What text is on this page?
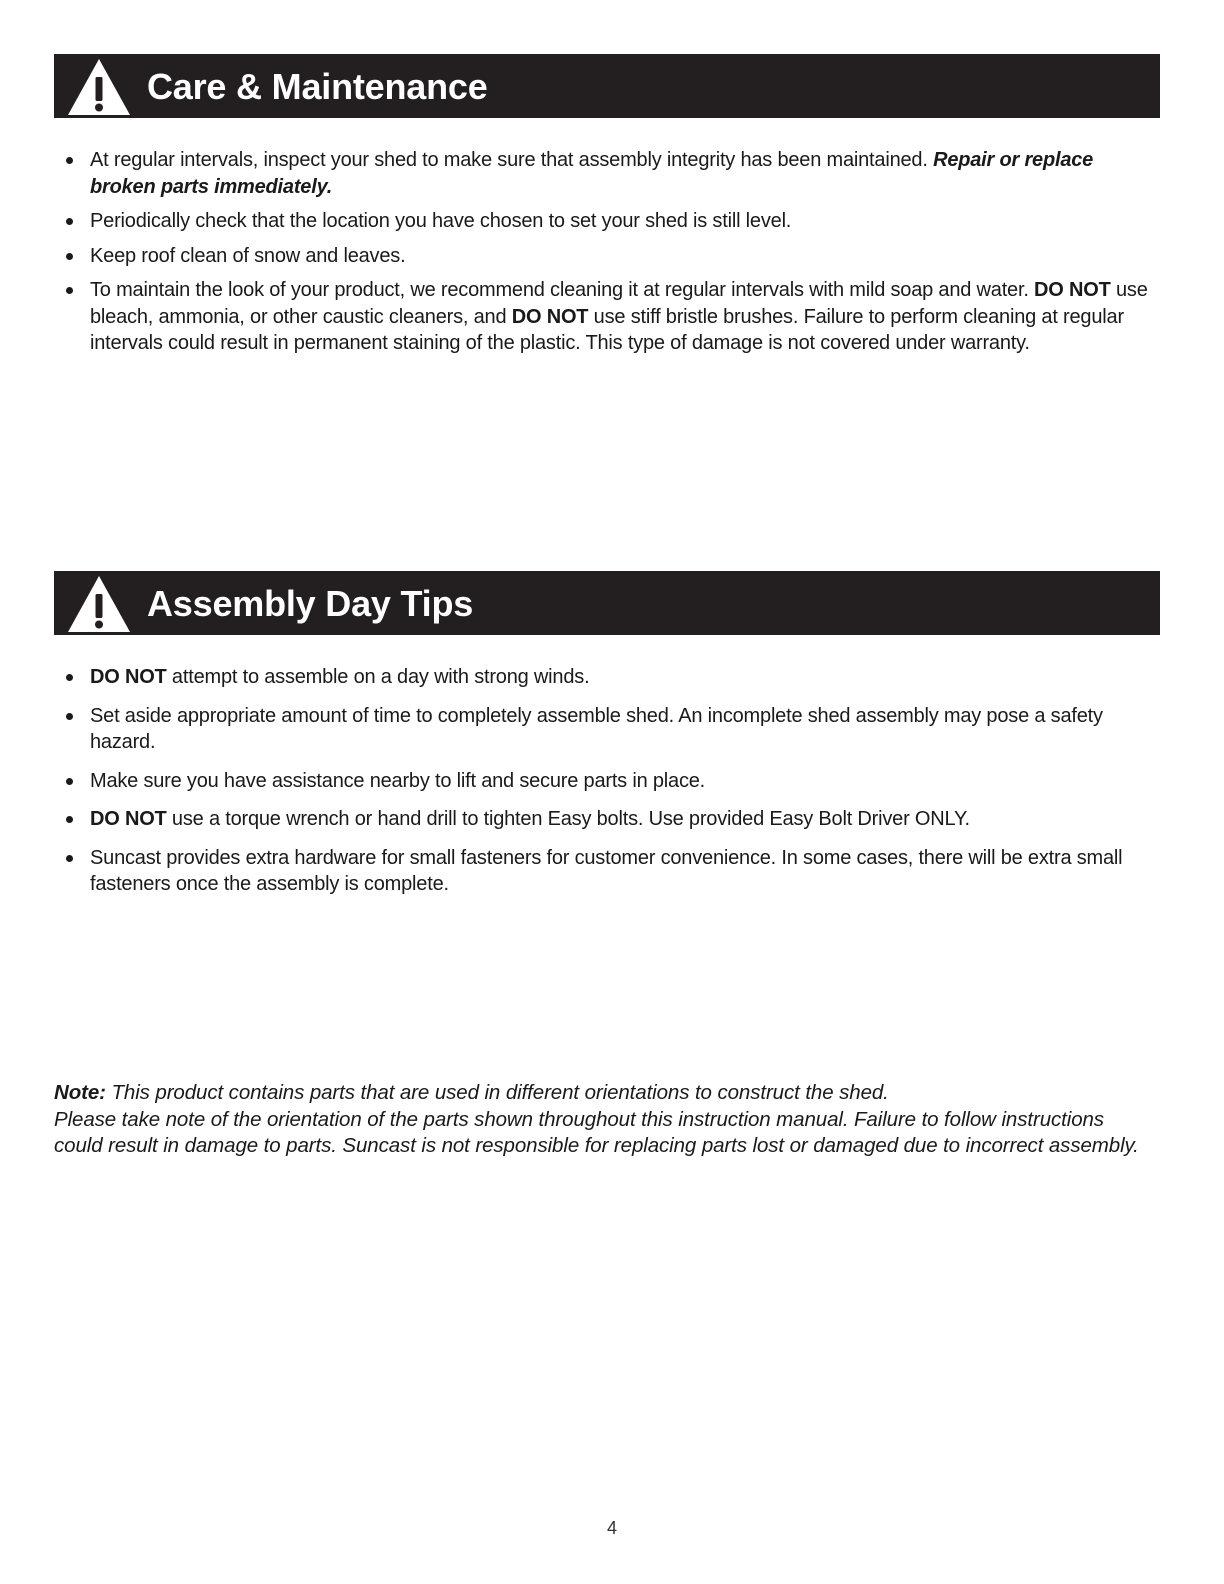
Care & Maintenance
At regular intervals, inspect your shed to make sure that assembly integrity has been maintained. Repair or replace broken parts immediately.
Periodically check that the location you have chosen to set your shed is still level.
Keep roof clean of snow and leaves.
To maintain the look of your product, we recommend cleaning it at regular intervals with mild soap and water. DO NOT use bleach, ammonia, or other caustic cleaners, and DO NOT use stiff bristle brushes. Failure to perform cleaning at regular intervals could result in permanent staining of the plastic. This type of damage is not covered under warranty.
Assembly Day Tips
DO NOT attempt to assemble on a day with strong winds.
Set aside appropriate amount of time to completely assemble shed. An incomplete shed assembly may pose a safety hazard.
Make sure you have assistance nearby to lift and secure parts in place.
DO NOT use a torque wrench or hand drill to tighten Easy bolts. Use provided Easy Bolt Driver ONLY.
Suncast provides extra hardware for small fasteners for customer convenience. In some cases, there will be extra small fasteners once the assembly is complete.
Note: This product contains parts that are used in different orientations to construct the shed.
Please take note of the orientation of the parts shown throughout this instruction manual. Failure to follow instructions could result in damage to parts. Suncast is not responsible for replacing parts lost or damaged due to incorrect assembly.
4
